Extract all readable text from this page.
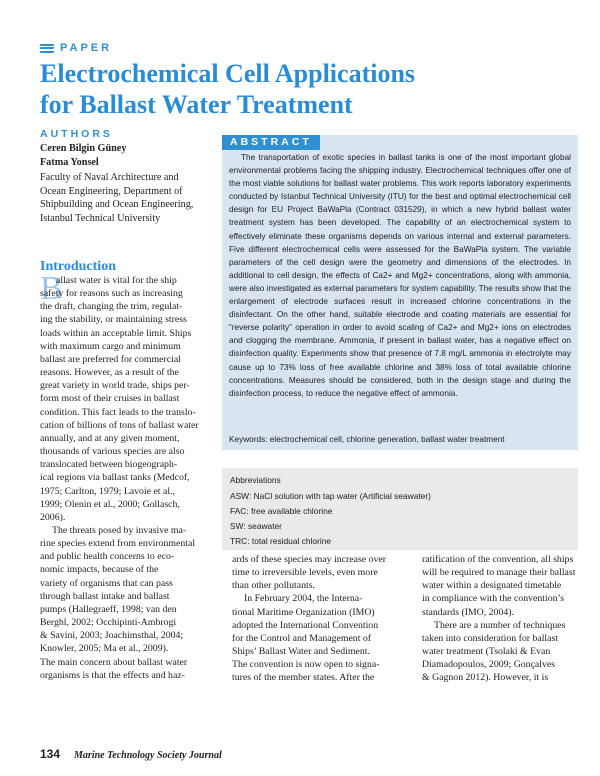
PAPER
Electrochemical Cell Applications
for Ballast Water Treatment
AUTHORS
Ceren Bilgin Güney
Fatma Yonsel
Faculty of Naval Architecture and
Ocean Engineering, Department of
Shipbuilding and Ocean Engineering,
Istanbul Technical University
ABSTRACT

The transportation of exotic species in ballast tanks is one of the most important global environmental problems facing the shipping industry. Electrochemical techniques offer one of the most viable solutions for ballast water problems. This work reports laboratory experiments conducted by Istanbul Technical University (ITU) for the best and optimal electrochemical cell design for EU Project BaWaPla (Contract 031529), in which a new hybrid ballast water treatment system has been developed. The capability of an electrochemical system to effectively eliminate these organisms depends on various internal and external parameters. Five different electrochemical cells were assessed for the BaWaPla system. The variable parameters of the cell design were the geometry and dimensions of the electrodes. In additional to cell design, the effects of Ca2+ and Mg2+ concentrations, along with ammonia, were also investigated as external parameters for system capability. The results show that the enlargement of electrode surfaces result in increased chlorine concentrations in the disinfectant. On the other hand, suitable electrode and coating materials are essential for “reverse polarity” operation in order to avoid scaling of Ca2+ and Mg2+ ions on electrodes and clogging the membrane. Ammonia, if present in ballast water, has a negative effect on disinfection quality. Experiments show that presence of 7.8 mg/L ammonia in electrolyte may cause up to 73% loss of free available chlorine and 38% loss of total available chlorine concentrations. Measures should be considered, both in the design stage and during the disinfection process, to reduce the negative effect of ammonia.

Keywords: electrochemical cell, chlorine generation, ballast water treatment

Abbreviations
ASW: NaCl solution with tap water (Artificial seawater)
FAC: free available chlorine
SW: seawater
TRC: total residual chlorine
Introduction
B
allast water is vital for the ship
safety for reasons such as increasing
the draft, changing the trim, regulat-
ing the stability, or maintaining stress
loads within an acceptable limit. Ships
with maximum cargo and minimum
ballast are preferred for commercial
reasons. However, as a result of the
great variety in world trade, ships per-
form most of their cruises in ballast
condition. This fact leads to the translo-
cation of billions of tons of ballast water
annually, and at any given moment,
thousands of various species are also
translocated between biogeograph-
ical regions via ballast tanks (Medcof,
1975; Carlton, 1979; Lavoie et al.,
1999; Olenin et al., 2000; Gollasch,
2006).
The threats posed by invasive ma-
rine species extend from environmental
and public health concerns to eco-
nomic impacts, because of the
variety of organisms that can pass
through ballast intake and ballast
pumps (Hallegraeff, 1998; van den
Berghl, 2002; Occhipinti-Ambrogi
& Savini, 2003; Joachimsthal, 2004;
Knowler, 2005; Ma et al., 2009).
The main concern about ballast water
organisms is that the effects and haz-
ards of these species may increase over
time to irreversible levels, even more
than other pollutants.
In February 2004, the Interna-
tional Maritime Organization (IMO)
adopted the International Convention
for the Control and Management of
Ships’ Ballast Water and Sediment.
The convention is now open to signa-
tures of the member states. After the
ratification of the convention, all ships
will be required to manage their ballast
water within a designated timetable
in compliance with the convention’s
standards (IMO, 2004).
There are a number of techniques
taken into consideration for ballast
water treatment (Tsolaki & Evan
Diamadopoulos, 2009; Gonçalves
& Gagnon 2012). However, it is
134 Marine Technology Society Journal
